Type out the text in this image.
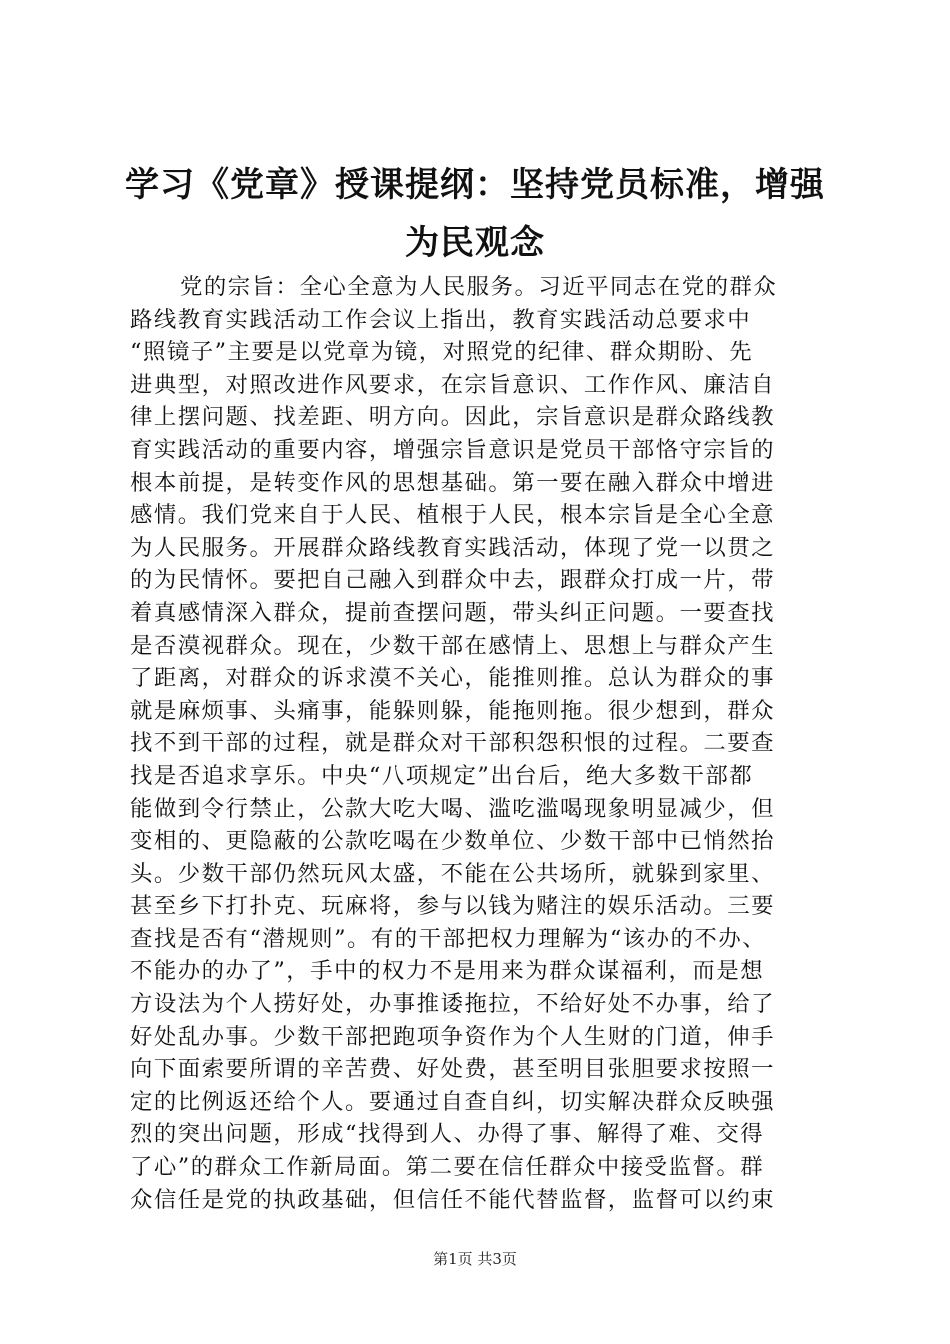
学习《党章》授课提纲：坚持党员标准，增强
为民观念
党的宗旨：全心全意为人民服务。习近平同志在党的群众
路线教育实践活动工作会议上指出，教育实践活动总要求中
“照镜子”主要是以党章为镜，对照党的纪律、群众期盼、先
进典型，对照改进作风要求，在宗旨意识、工作作风、廉洁自
律上摆问题、找差距、明方向。因此，宗旨意识是群众路线教
育实践活动的重要内容，增强宗旨意识是党员干部恪守宗旨的
根本前提，是转变作风的思想基础。第一要在融入群众中增进
感情。我们党来自于人民、植根于人民，根本宗旨是全心全意
为人民服务。开展群众路线教育实践活动，体现了党一以贯之
的为民情怀。要把自己融入到群众中去，跟群众打成一片，带
着真感情深入群众，提前查摆问题，带头纠正问题。一要查找
是否漠视群众。现在，少数干部在感情上、思想上与群众产生
了距离，对群众的诉求漠不关心，能推则推。总认为群众的事
就是麻烦事、头痛事，能躲则躲，能拖则拖。很少想到，群众
找不到干部的过程，就是群众对干部积怨积恨的过程。二要查
找是否追求享乐。中央“八项规定”出台后，绝大多数干部都
能做到令行禁止，公款大吃大喝、滥吃滥喝现象明显减少，但
变相的、更隐蔽的公款吃喝在少数单位、少数干部中已悄然抬
头。少数干部仍然玩风太盛，不能在公共场所，就躲到家里、
甚至乡下打扑克、玩麻将，参与以钱为赌注的娱乐活动。三要
查找是否有“潜规则”。有的干部把权力理解为“该办的不办、
不能办的办了”，手中的权力不是用来为群众谋福利，而是想
方设法为个人捞好处，办事推诿拖拉，不给好处不办事，给了
好处乱办事。少数干部把跑项争资作为个人生财的门道，伸手
向下面索要所谓的辛苦费、好处费，甚至明目张胆要求按照一
定的比例返还给个人。要通过自查自纠，切实解决群众反映强
烈的突出问题，形成“找得到人、办得了事、解得了难、交得
了心”的群众工作新局面。第二要在信任群众中接受监督。群
众信任是党的执政基础，但信任不能代替监督，监督可以约束
第1页 共3页
